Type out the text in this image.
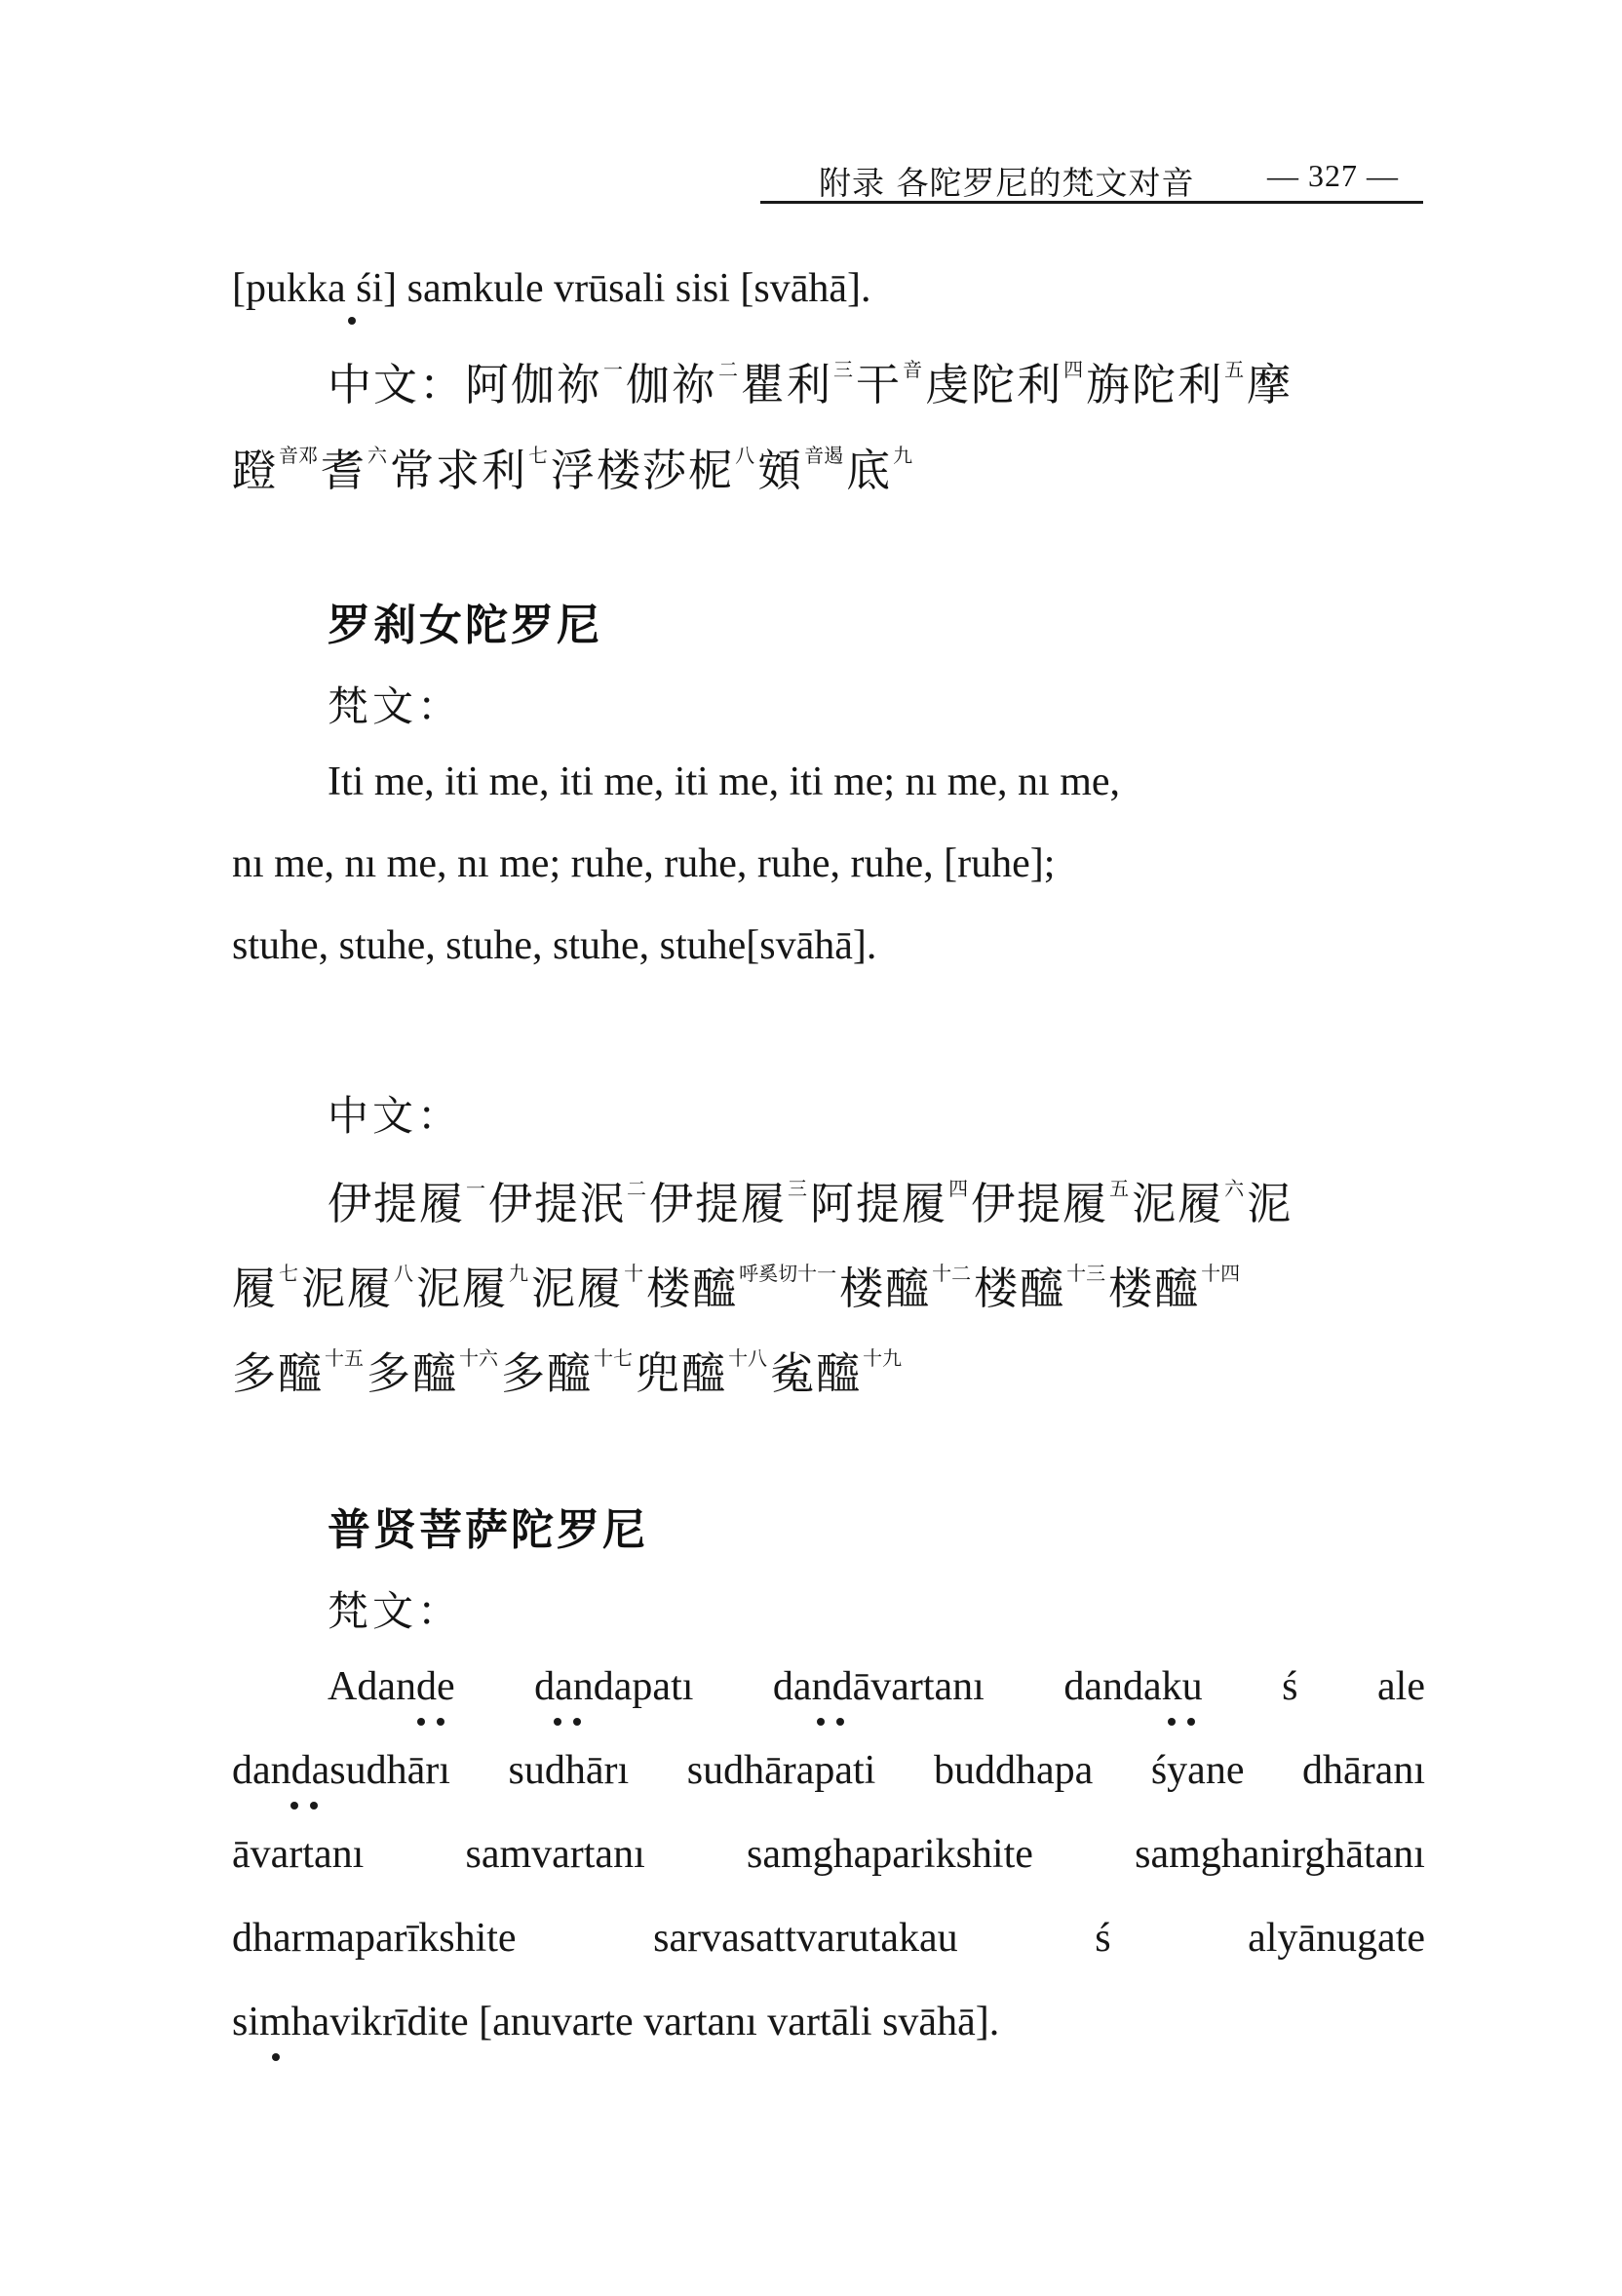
附录 各陀罗尼的梵文对音 — 327 —
[pukka śi] samkule vrūsali sisi [svāhā].
中文：阿伽祢$^一$伽祢$^二$瞿利$^三$干$^音$虔陀利$^四$旃陀利$^五$摩
蹬$^{音邓}$耆$^六$常求利$^七$浮楼莎柅$^八$頞$^{音遏}$底$^九$
罗刹女陀罗尼
梵文：
Iti me, iti me, iti me, iti me, iti me; nı me, nı me,
nı me, nı me, nı me; ruhe, ruhe, ruhe, ruhe, [ruhe];
stuhe, stuhe, stuhe, stuhe, stuhe[svāhā].
中文：
伊提履$^一$伊提泯$^二$伊提履$^三$阿提履$^四$伊提履$^五$泥履$^六$泥
履$^七$泥履$^八$泥履$^九$泥履$^十$楼醯$^{呼奚切十一}$楼醯$^{十二}$楼醯$^{十三}$楼醯$^{十四}$
多醯$^{十五}$多醯$^{十六}$多醯$^{十七}$兜醯$^{十八}$㝹醯$^{十九}$
普贤菩萨陀罗尼
梵文：
Adande dandapatı dandāvartanı dandaku ś ale
dandasudhārı sudhārı sudhārapati buddhapa śyane dhāranı
āvartanı samvartanı samghaparikshite samghanirghātanı
dharmaparīkshite	sarvasattvarutakau	ś	alyānugate
simhavikrīdite [anuvarte vartanı vartāli svāhā].
